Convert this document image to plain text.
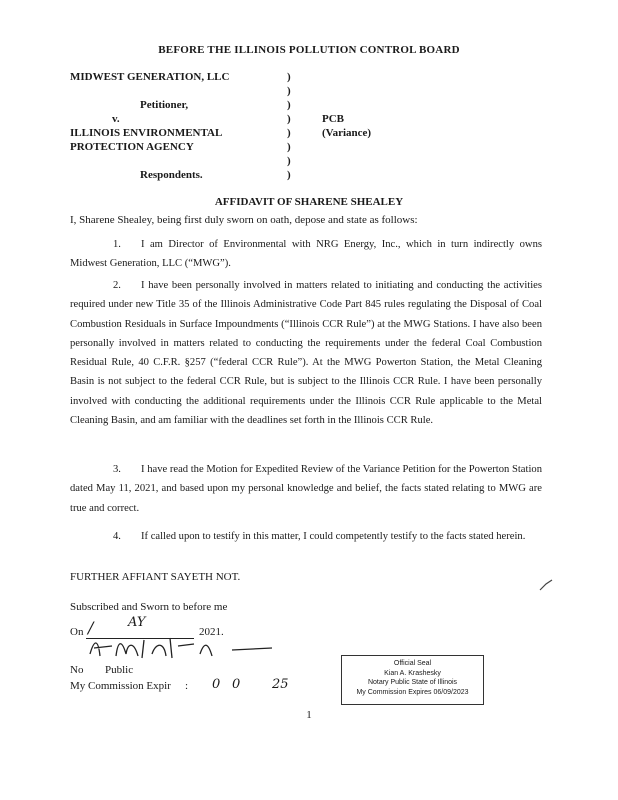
BEFORE THE ILLINOIS POLLUTION CONTROL BOARD
MIDWEST GENERATION, LLC
Petitioner,
v.
ILLINOIS ENVIRONMENTAL
PROTECTION AGENCY
Respondents.
)
)
)
)
)
)
)
)
PCB
(Variance)
AFFIDAVIT OF SHARENE SHEALEY
I, Sharene Shealey, being first duly sworn on oath, depose and state as follows:
1. I am Director of Environmental with NRG Energy, Inc., which in turn indirectly owns Midwest Generation, LLC (“MWG”).
2. I have been personally involved in matters related to initiating and conducting the activities required under new Title 35 of the Illinois Administrative Code Part 845 rules regulating the Disposal of Coal Combustion Residuals in Surface Impoundments (“Illinois CCR Rule”) at the MWG Stations. I have also been personally involved in matters related to conducting the requirements under the federal Coal Combustion Residual Rule, 40 C.F.R. §257 (“federal CCR Rule”). At the MWG Powerton Station, the Metal Cleaning Basin is not subject to the federal CCR Rule, but is subject to the Illinois CCR Rule. I have been personally involved with conducting the additional requirements under the Illinois CCR Rule applicable to the Metal Cleaning Basin, and am familiar with the deadlines set forth in the Illinois CCR Rule.
3. I have read the Motion for Expedited Review of the Variance Petition for the Powerton Station dated May 11, 2021, and based upon my personal knowledge and belief, the facts stated relating to MWG are true and correct.
4. If called upon to testify in this matter, I could competently testify to the facts stated herein.
FURTHER AFFIANT SAYETH NOT.
Subscribed and Sworn to before me
On /	AY
2021.
No Public
My Commission Expir : 0 0 25
Official Seal
Kian A. Krashesky
Notary Public State of Illinois
My Commission Expires 06/09/2023
1
